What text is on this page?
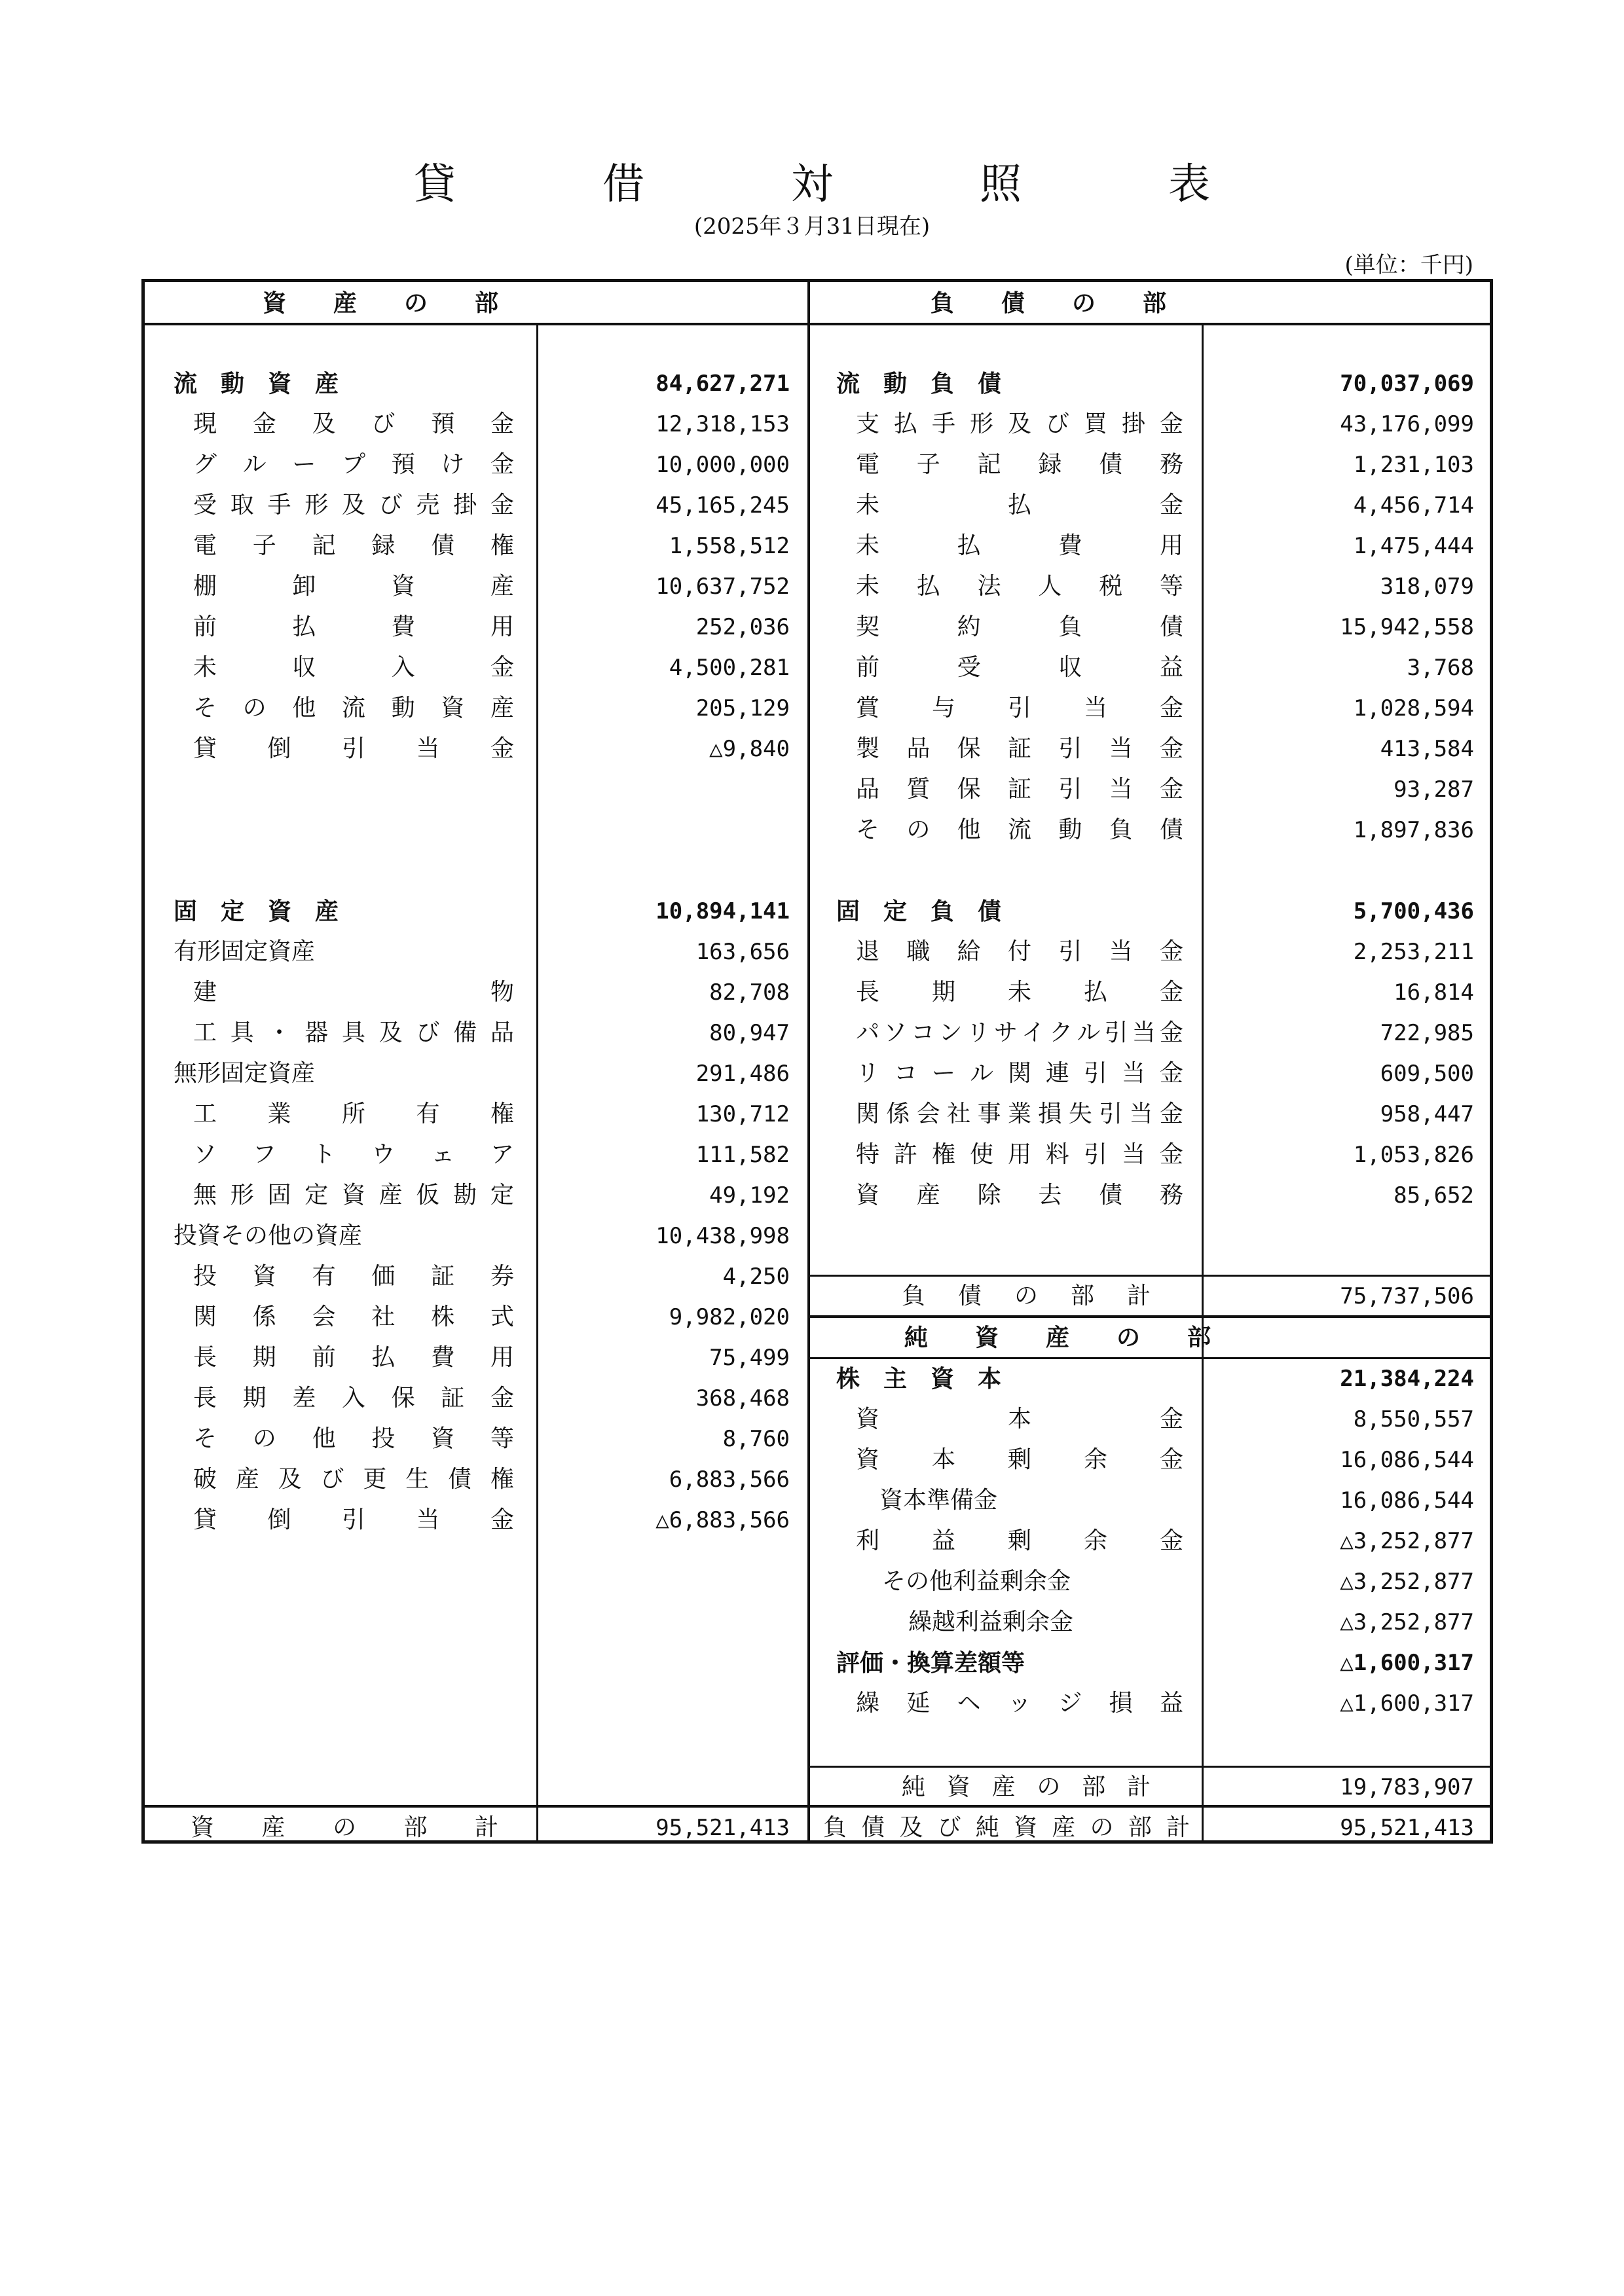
貸　借　対　照　表
(2025年３月31日現在)
(単位：千円)
資　　産　　の　　部	負　　債　　の　　部
純　　資　　産　　の　　部
流　動　資　産	84,627,271
現 金 及 び 預 金	12,318,153
グ ル ー プ 預 け 金	10,000,000
受 取 手 形 及 び 売 掛 金	45,165,245
電 子 記 録 債 権	1,558,512
棚	卸	資	産	10,637,752
前	払	費	用	252,036
未	収	入	金	4,500,281
そ の 他 流 動 資 産	205,129
貸 倒 引 当 金	△9,840
固　定　資　産	10,894,141
有形固定資産	163,656
建	物	82,708
工 具 ・ 器 具 及 び 備 品	80,947
無形固定資産	291,486
工 業 所 有 権	130,712
ソ フ ト ウ ェ ア	111,582
無 形 固 定 資 産 仮 勘 定	49,192
投資その他の資産	10,438,998
投 資 有 価 証 券	4,250
関 係 会 社 株 式	9,982,020
長 期 前 払 費 用	75,499
長 期 差 入 保 証 金	368,468
そ の 他 投 資 等	8,760
破 産 及 び 更 生 債 権	6,883,566
貸 倒 引 当 金	△6,883,566
資 産 の 部 計	95,521,413
流　動　負　債	70,037,069
支 払 手 形 及 び 買 掛 金	43,176,099
電 子 記 録 債 務	1,231,103
未	払	金	4,456,714
未	払	費	用	1,475,444
未 払 法 人 税 等	318,079
契	約	負	債	15,942,558
前	受	収	益	3,768
賞 与 引 当 金	1,028,594
製 品 保 証 引 当 金	413,584
品 質 保 証 引 当 金	93,287
そ の 他 流 動 負 債	1,897,836
固　定　負　債	5,700,436
退 職 給 付 引 当 金	2,253,211
長 期 未 払 金	16,814
パ ソ コ ン リ サ イ ク ル 引 当 金	722,985
リ コ ー ル 関 連 引 当 金	609,500
関 係 会 社 事 業 損 失 引 当 金	958,447
特 許 権 使 用 料 引 当 金	1,053,826
資 産 除 去 債 務	85,652
負 債 の 部 計	75,737,506
株　主　資　本	21,384,224
資	本	金	8,550,557
資 本 剰 余 金	16,086,544
資本準備金	16,086,544
利 益 剰 余 金	△3,252,877
その他利益剰余金	△3,252,877
繰越利益剰余金	△3,252,877
評価・換算差額等	△1,600,317
繰 延 ヘ ッ ジ 損 益	△1,600,317
純 資 産 の 部 計	19,783,907
負 債 及 び 純 資 産 の 部 計	95,521,413
